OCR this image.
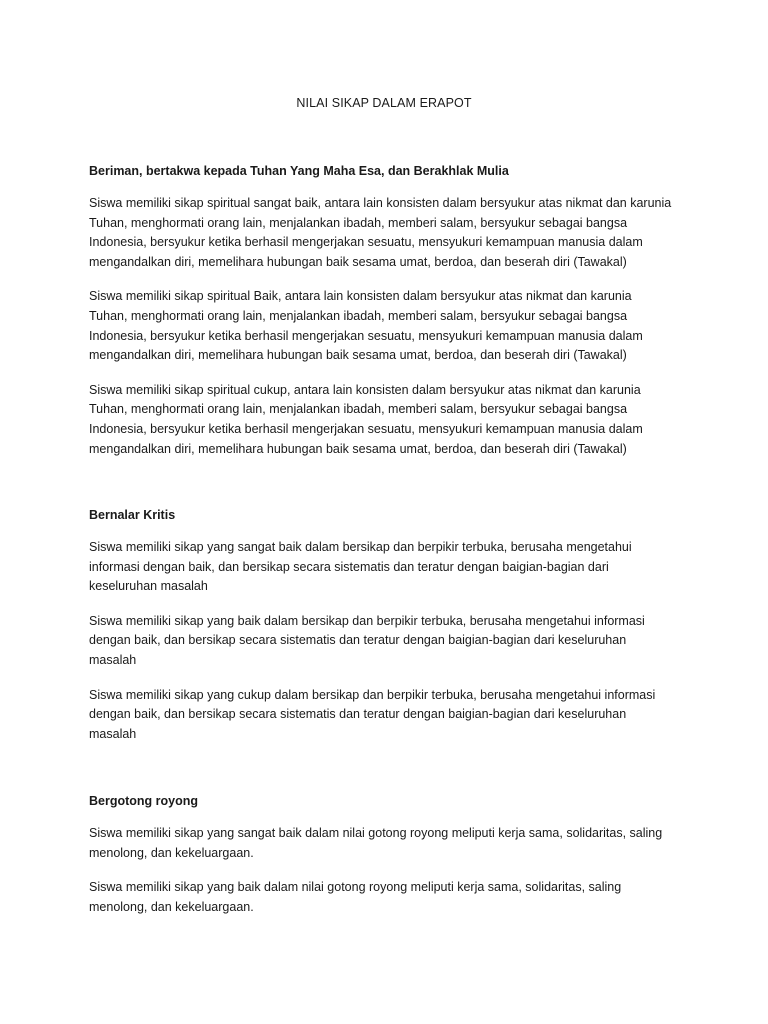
NILAI SIKAP DALAM ERAPOT
Beriman, bertakwa kepada Tuhan Yang Maha Esa, dan Berakhlak Mulia
Siswa memiliki sikap spiritual sangat baik, antara lain konsisten dalam bersyukur atas nikmat dan karunia
Tuhan, menghormati orang lain, menjalankan ibadah, memberi salam, bersyukur sebagai bangsa
Indonesia, bersyukur ketika berhasil mengerjakan sesuatu, mensyukuri kemampuan manusia dalam
mengandalkan diri, memelihara hubungan baik sesama umat, berdoa, dan beserah diri (Tawakal)
Siswa memiliki sikap spiritual Baik, antara lain konsisten dalam bersyukur atas nikmat dan karunia
Tuhan, menghormati orang lain, menjalankan ibadah, memberi salam, bersyukur sebagai bangsa
Indonesia, bersyukur ketika berhasil mengerjakan sesuatu, mensyukuri kemampuan manusia dalam
mengandalkan diri, memelihara hubungan baik sesama umat, berdoa, dan beserah diri (Tawakal)
Siswa memiliki sikap spiritual cukup, antara lain konsisten dalam bersyukur atas nikmat dan karunia
Tuhan, menghormati orang lain, menjalankan ibadah, memberi salam, bersyukur sebagai bangsa
Indonesia, bersyukur ketika berhasil mengerjakan sesuatu, mensyukuri kemampuan manusia dalam
mengandalkan diri, memelihara hubungan baik sesama umat, berdoa, dan beserah diri (Tawakal)
Bernalar Kritis
Siswa memiliki sikap yang sangat baik dalam bersikap dan berpikir terbuka, berusaha mengetahui
informasi dengan baik, dan bersikap secara sistematis dan teratur dengan baigian-bagian dari
keseluruhan masalah
Siswa memiliki sikap yang baik dalam bersikap dan berpikir terbuka, berusaha mengetahui informasi
dengan baik, dan bersikap secara sistematis dan teratur dengan baigian-bagian dari keseluruhan
masalah
Siswa memiliki sikap yang cukup dalam bersikap dan berpikir terbuka, berusaha mengetahui informasi
dengan baik, dan bersikap secara sistematis dan teratur dengan baigian-bagian dari keseluruhan
masalah
Bergotong royong
Siswa memiliki sikap yang sangat baik dalam nilai gotong royong meliputi kerja sama, solidaritas, saling
menolong, dan kekeluargaan.
Siswa memiliki sikap yang baik dalam nilai gotong royong meliputi kerja sama, solidaritas, saling
menolong, dan kekeluargaan.
